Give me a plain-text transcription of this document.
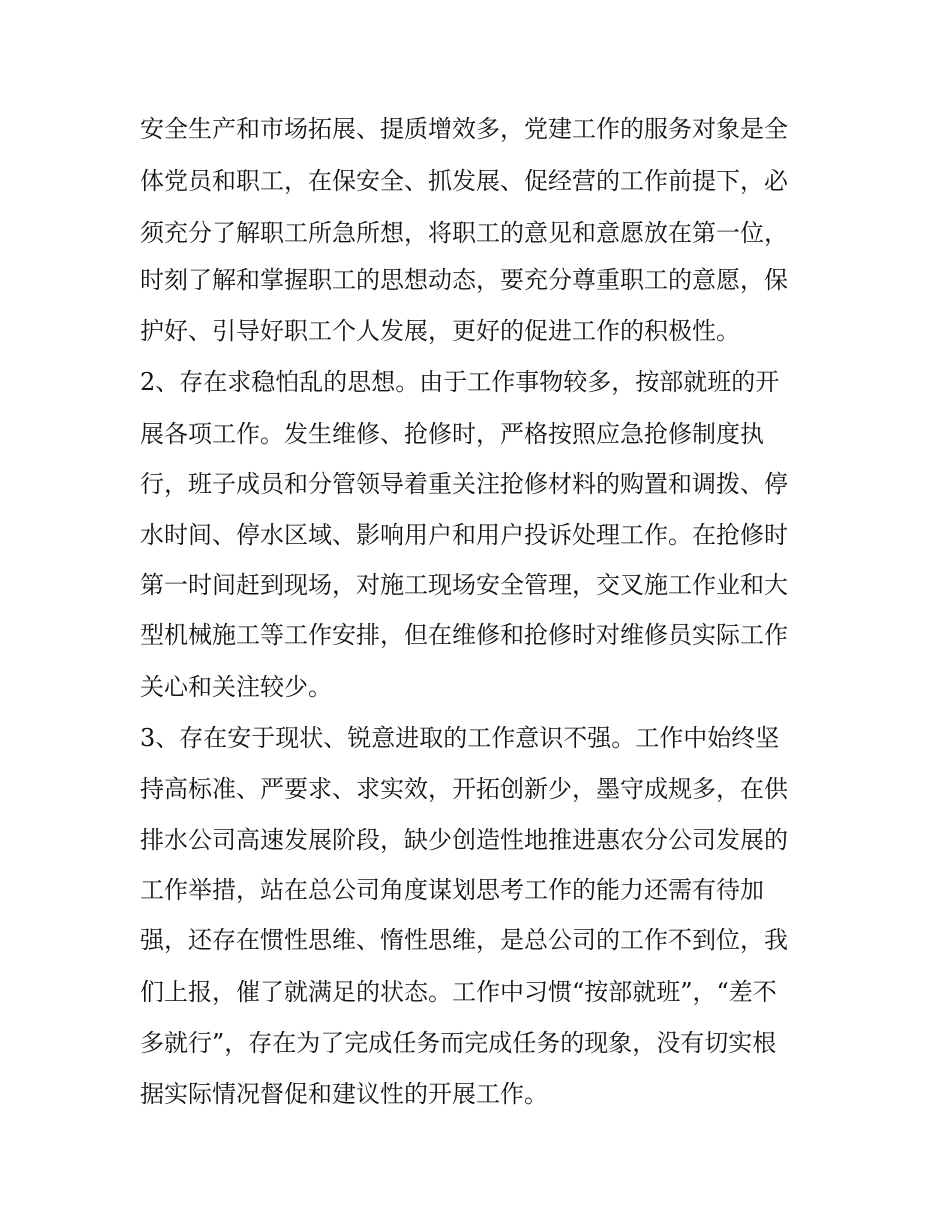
安全生产和市场拓展、提质增效多，党建工作的服务对象是全
体党员和职工，在保安全、抓发展、促经营的工作前提下，必
须充分了解职工所急所想，将职工的意见和意愿放在第一位，
时刻了解和掌握职工的思想动态，要充分尊重职工的意愿，保
护好、引导好职工个人发展，更好的促进工作的积极性。
2、存在求稳怕乱的思想。由于工作事物较多，按部就班的开
展各项工作。发生维修、抢修时，严格按照应急抢修制度执
行，班子成员和分管领导着重关注抢修材料的购置和调拨、停
水时间、停水区域、影响用户和用户投诉处理工作。在抢修时
第一时间赶到现场，对施工现场安全管理，交叉施工作业和大
型机械施工等工作安排，但在维修和抢修时对维修员实际工作
关心和关注较少。
3、存在安于现状、锐意进取的工作意识不强。工作中始终坚
持高标准、严要求、求实效，开拓创新少，墨守成规多，在供
排水公司高速发展阶段，缺少创造性地推进惠农分公司发展的
工作举措，站在总公司角度谋划思考工作的能力还需有待加
强，还存在惯性思维、惰性思维，是总公司的工作不到位，我
们上报，催了就满足的状态。工作中习惯“按部就班”，“差不
多就行”，存在为了完成任务而完成任务的现象，没有切实根
据实际情况督促和建议性的开展工作。
